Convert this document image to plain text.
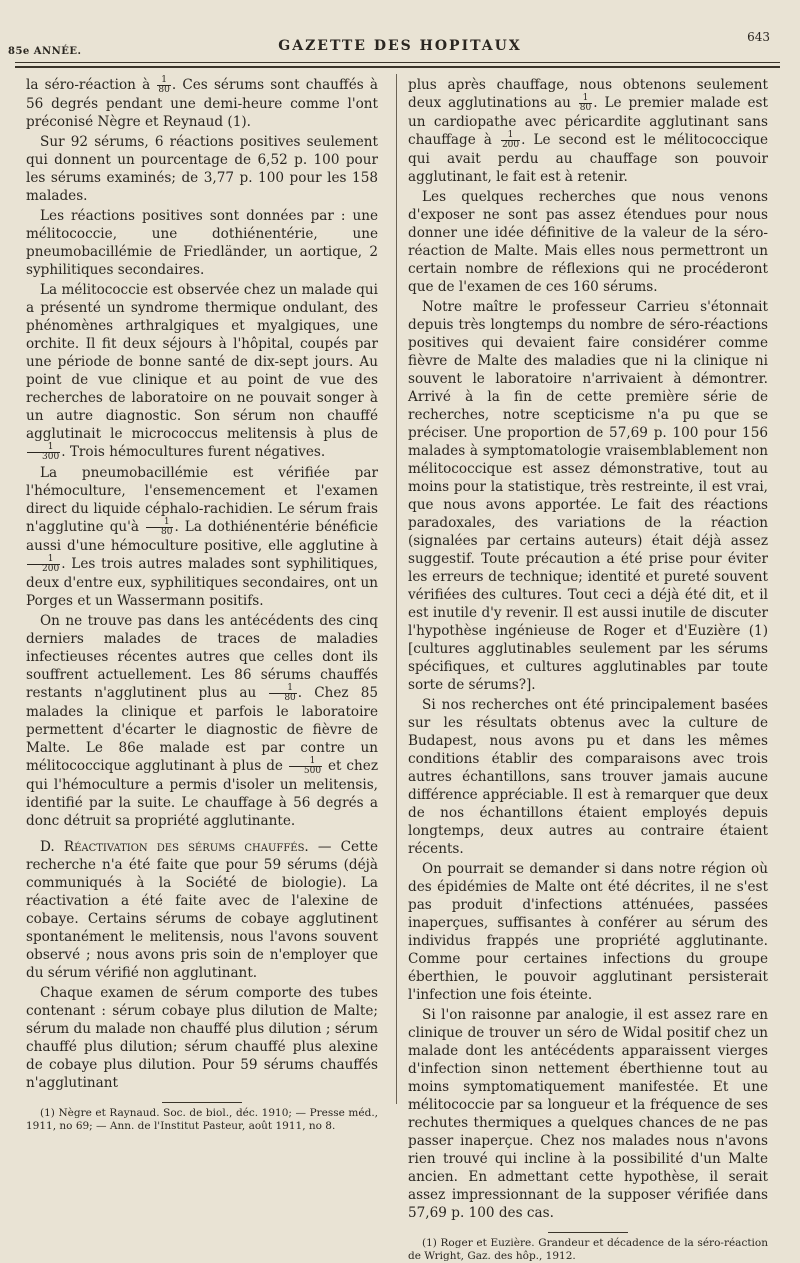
85e ANNÉE.	GAZETTE DES HOPITAUX
643

la séro-réaction à $\frac{1}{80}$ . Ces sérums sont chauffés à 56 degrés pendant une demi-heure comme l'ont préconisé Nègre et Reynaud (1).

Sur 92 sérums, 6 réactions positives seulement qui donnent un pourcentage de 6,52 p. 100 pour les sérums examinés; de 3,77 p. 100 pour les 158 malades.

Les réactions positives sont données par : une mélitococcie, une dothiénentérie, une pneumobacillémie de Friedländer, un aortique, 2 syphilitiques secondaires.

La mélitococcie est observée chez un malade qui a présenté un syndrome thermique ondulant, des phénomènes arthralgiques et myalgiques, une orchite. Il fit deux séjours à l'hôpital, coupés par une période de bonne santé de dix-sept jours. Au point de vue clinique et au point de vue des recherches de laboratoire on ne pouvait songer à un autre diagnostic. Son sérum non chauffé agglutinait le micrococcus melitensis à plus de
$\frac{1}{300}$ . Trois hémocultures furent négatives.

La pneumobacillémie est vérifiée par l'hémoculture, l'ensemencement et l'examen direct du liquide céphalo-rachidien. Le sérum frais n'agglutine qu'à $\frac{1}{80}$ . La dothiénentérie bénéficie aussi d'une hémoculture positive, elle agglutine à
$\frac{1}{200}$ . Les trois autres malades sont syphilitiques, deux d'entre eux, syphilitiques secondaires, ont un Porges et un Wassermann positifs.

On ne trouve pas dans les antécédents des cinq derniers malades de traces de maladies infectieuses récentes autres que celles dont ils souffrent actuellement. Les 86 sérums chauffés restants n'agglutinent plus au $\frac{1}{80}$ . Chez 85 malades la clinique et parfois le laboratoire permettent d'écarter le diagnostic de fièvre de Malte. Le 86e malade est par contre un mélitococcique agglutinant à plus de $\frac{1}{500}$ et chez qui l'hémoculture a permis d'isoler un melitensis, identifié par la suite. Le chauffage à 56 degrés a donc détruit sa propriété agglutinante.

D. Réactivation des sérums chauffés. — Cette recherche n'a été faite que pour 59 sérums (déjà communiqués à la Société de biologie). La réactivation a été faite avec de l'alexine de cobaye. Certains sérums de cobaye agglutinent spontanément le melitensis, nous l'avons souvent observé ; nous avons pris soin de n'employer que du sérum vérifié non agglutinant.

Chaque examen de sérum comporte des tubes contenant : sérum cobaye plus dilution de Malte; sérum du malade non chauffé plus dilution ; sérum chauffé plus dilution; sérum chauffé plus alexine de cobaye plus dilution. Pour 59 sérums chauffés n'agglutinant

(1) Nègre et Raynaud. Soc. de biol., déc. 1910; — Presse méd., 1911, no 69; — Ann. de l'Institut Pasteur, août 1911, no 8.

plus après chauffage, nous obtenons seulement deux agglutinations au $\frac{1}{80}$ . Le premier malade est un cardiopathe avec péricardite agglutinant sans chauffage à $\frac{1}{200}$ . Le second est le mélitococcique qui avait perdu au chauffage son pouvoir agglutinant, le fait est à retenir.

Les quelques recherches que nous venons d'exposer ne sont pas assez étendues pour nous donner une idée définitive de la valeur de la séro-réaction de Malte. Mais elles nous permettront un certain nombre de réflexions qui ne procéderont que de l'examen de ces 160 sérums.

Notre maître le professeur Carrieu s'étonnait depuis très longtemps du nombre de séro-réactions positives qui devaient faire considérer comme fièvre de Malte des maladies que ni la clinique ni souvent le laboratoire n'arrivaient à démontrer. Arrivé à la fin de cette première série de recherches, notre scepticisme n'a pu que se préciser. Une proportion de 57,69 p. 100 pour 156 malades à symptomatologie vraisemblablement non mélitococcique est assez démonstrative, tout au moins pour la statistique, très restreinte, il est vrai, que nous avons apportée. Le fait des réactions paradoxales, des variations de la réaction (signalées par certains auteurs) était déjà assez suggestif. Toute précaution a été prise pour éviter les erreurs de technique; identité et pureté souvent vérifiées des cultures. Tout ceci a déjà été dit, et il est inutile d'y revenir. Il est aussi inutile de discuter l'hypothèse ingénieuse de Roger et d'Euzière (1) [cultures agglutinables seulement par les sérums spécifiques, et cultures agglutinables par toute sorte de sérums?].

Si nos recherches ont été principalement basées sur les résultats obtenus avec la culture de Budapest, nous avons pu et dans les mêmes conditions établir des comparaisons avec trois autres échantillons, sans trouver jamais aucune différence appréciable. Il est à remarquer que deux de nos échantillons étaient employés depuis longtemps, deux autres au contraire étaient récents.

On pourrait se demander si dans notre région où des épidémies de Malte ont été décrites, il ne s'est pas produit d'infections atténuées, passées inaperçues, suffisantes à conférer au sérum des individus frappés une propriété agglutinante. Comme pour certaines infections du groupe éberthien, le pouvoir agglutinant persisterait l'infection une fois éteinte.

Si l'on raisonne par analogie, il est assez rare en clinique de trouver un séro de Widal positif chez un malade dont les antécédents apparaissent vierges d'infection sinon nettement éberthienne tout au moins symptomatiquement manifestée. Et une mélitococcie par sa longueur et la fréquence de ses rechutes thermiques a quelques chances de ne pas passer inaperçue. Chez nos malades nous n'avons rien trouvé qui incline à la possibilité d'un Malte ancien. En admettant cette hypothèse, il serait assez impressionnant de la supposer vérifiée dans 57,69 p. 100 des cas.

(1) Roger et Euzière. Grandeur et décadence de la séro-réaction de Wright, Gaz. des hôp., 1912.
